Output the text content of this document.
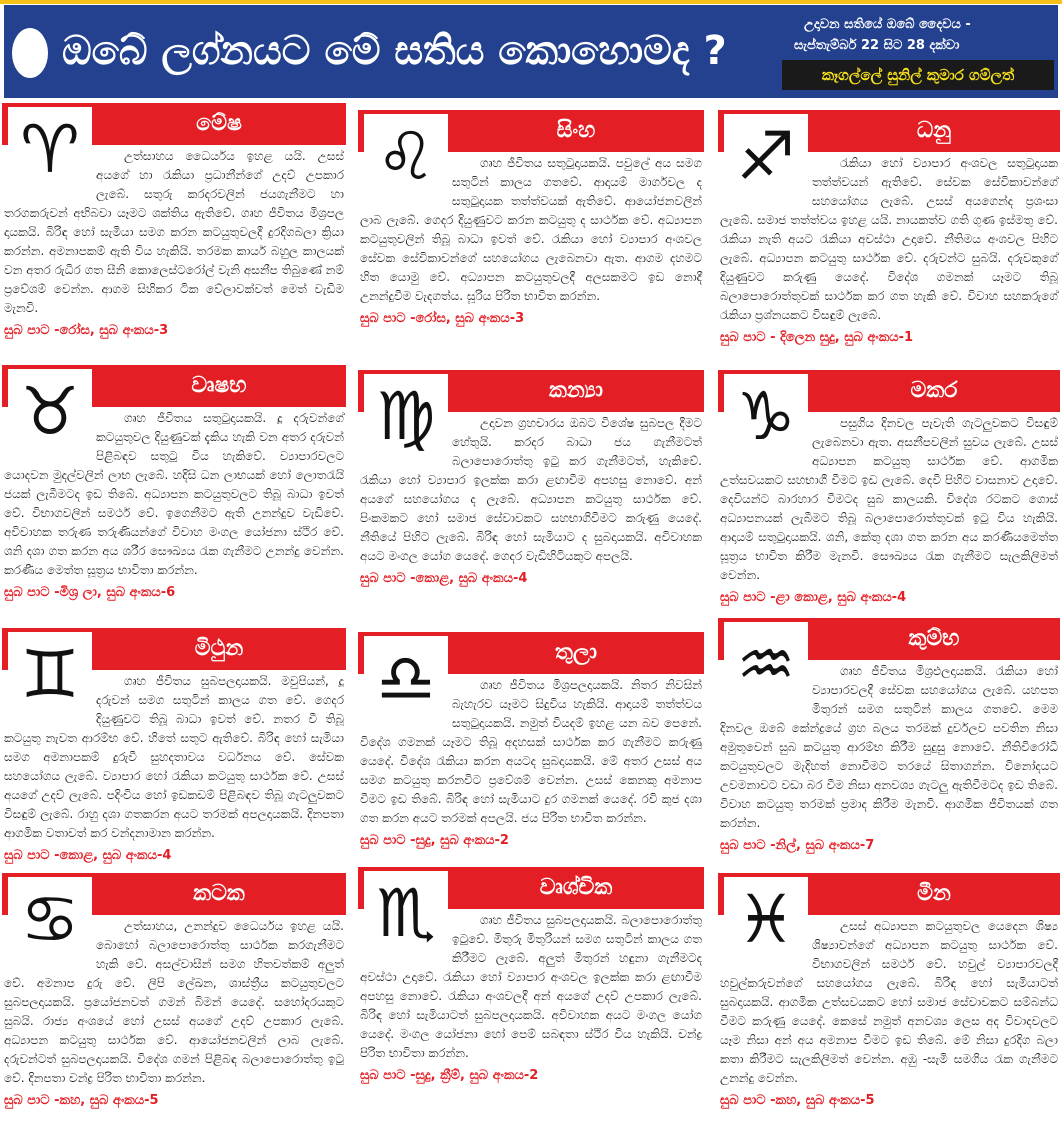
ඔබේ ලග්නයට මේ සතිය කොහොමද ?
උදාවන සතියේ ඔබේ දෛවය -
සැප්තැම්බර් 22 සිට 28 දක්වා
කෑගල්ලේ සුනිල් කුමාර ගම්ලත්
♈	මේෂ

උත්සාහය ධෛර්යය ඉහළ යයි. උසස් අයගේ හා රැකියා ප්‍රධානීන්ගේ උදව් උපකාර ලැබේ. සතුරු කරදරවලින් ජයගැනීමට හා තරගකරුවන් අභිබවා යෑමට ශක්තිය ඇතිවේ. ගෘහ ජීවිතය මිශ්‍රපල දායකයි. බිරිඳ හෝ සැමියා සමග කරන කටයුතුවලදී දුරදිගබලා ක්‍රියා කරන්න. අමනාපකම් ඇති විය හැකියි. තරමක කාර්ය බහුල කාලයක් වන අතර රුධිර ගත සීනි කොලෙස්ටරෝල් වැනි අසනීප තිබුණේ නම් ප්‍රවේශම් වෙන්න. ආගම සිහිකර ටික වේලාවක්වත් මෙත් වැඩීම මැනවි.

සුබ පාට -රෝස, සුබ අංකය-3
♉	වෘෂභ

ගෘහ ජීවිතය සතුටුදායකයි. දූ දරුවන්ගේ කටයුතුවල දියුණුවක් දැකිය හැකි වන අතර දරුවන් පිළිබඳව සතුටු විය හැකිවේ. ව්‍යාපාරවලට යොදවන මුදල්වලින් ලාභ ලැබේ. හදිසි ධන ලාභයක් හෝ ලොතරැයි ජයක් ලැබීමටද ඉඩ තිබේ. අධ්‍යාපන කටයුතුවලට තිබූ බාධා ඉවත් වේ. විභාගවලින් සමර්ථ වේ. ඉගෙනීමට ඇති උනන්දුව වැඩිවේ. අවිවාහක තරුණ තරුණියන්ගේ විවාහ මංගල යෝජනා ස්ථිර වේ. ශනි දශා ගත කරන අය ශරීර සෞඛ්‍යය රැක ගැනීමට උනන්දු වෙන්න. කරණීය මෙත්ත සූත්‍රය භාවිතා කරන්න.

සුබ පාට -මිශ්‍ර ලා, සුබ අංකය-6
♊	මිථුන

ගෘහ ජීවිතය සුබපලදායකයි. මවුපියන්, දූ දරුවන් සමග සතුටින් කාලය ගත වේ. ගෙදර දියුණුවට තිබූ බාධා ඉවත් වේ. නතර වී තිබූ කටයුතු නැවත ආරම්භ වේ. හිතේ සතුට ඇතිවේ. බිරිඳ හෝ සැමියා සමග අමනාපකම් දුරුවී සුහදතාවය වර්ධනය වේ. සේවක සහයෝගය ලැබේ. ව්‍යාපාර හෝ රැකියා කටයුතු සාර්ථක වේ. උසස් අයගේ උදව් ලැබේ. පදිංචිය හෝ ඉඩකඩම් පිළිබඳව තිබූ ගැටලුවකට විසඳුම් ලැබේ. රාහු දශා ගතකරන අයට තරමක් අපලදායකයි. දිනපතා ආගමික වතාවත් කර වන්දනාමාන කරන්න.

සුබ පාට -කොළ, සුබ අංකය-4
♋	කටක

උත්සාහය, උනන්දුව ධෛර්යය ඉහළ යයි. බොහෝ බලාපොරොත්තු සාර්ථක කරගැනීමට හැකි වේ. අසල්වාසීන් සමග හිතවත්කම් අලුත් වේ. අමනාප දුරු වේ. ලිපි ලේඛන, ශාස්ත්‍රීය කටයුතුවලට සුබපලදායකයි. ප්‍රයෝජනවත් ගමන් බිමන් යෙදේ. සහෝදරයකුට සුබයි. රාජ්‍ය අංශයේ හෝ උසස් අයගේ උදව් උපකාර ලැබේ. අධ්‍යාපන කටයුතු සාර්ථක වේ. ආයෝජනවලින් ලාබ ලැබේ. දරුවන්ටත් සුබපලදායකයි. විදේශ ගමන් පිළිබඳ බලාපොරොත්තු ඉටු වේ. දිනපතා චන්ද්‍ර පිරිත භාවිතා කරන්න.

සුබ පාට -කහ, සුබ අංකය-5
♌	සිංහ

ගෘහ ජීවිතය සතුටුදායකයි. පවුලේ අය සමග සතුටින් කාලය ගතවේ. ආදායම් මාර්ගවල ද සතුටුදායක තත්ත්වයක් ඇතිවේ. ආයෝජනවලින් ලාබ ලැබේ. ගෙදර දියුණුවට කරන කටයුතු ද සාර්ථක වේ. අධ්‍යාපන කටයුතුවලින් තිබූ බාධා ඉවත් වේ. රැකියා හෝ ව්‍යාපාර අංශවල සේවක සේවිකාවන්ගේ සහයෝගය ලැබෙනවා ඇත. ආගම දහමට හිත යොමු වේ. අධ්‍යාපන කටයුතුවලදී අලසකමට ඉඩ නොදී උනන්දුවීම වැදගත්ය. සූරිය පිරිත භාවිත කරන්න.

සුබ පාට -රෝස, සුබ අංකය-3
♍	කන්‍යා

උදාවන ග්‍රහචාරය ඔබට විශේෂ සුබපල දීමට හේතුයි. කරදර බාධා ජය ගැනීමටත් බලාපොරොත්තු ඉටු කර ගැනීමටත්, හැකිවේ. රැකියා හෝ ව්‍යාපාර ඉලක්ක කරා ළඟාවීම අපහසු නොවේ. අන් අයගේ සහයෝගය ද ලැබේ. අධ්‍යාපන කටයුතු සාර්ථක වේ. පිංකමකට හෝ සමාජ සේවාවකට සහභාගිවීමට කරුණු යෙදේ. නීතියේ පිහිට ලැබේ. බිරිඳ හෝ සැමියාට ද සුබදායකයි. අවිවාහක අයට මංගල යෝග යෙදේ. ගෙදර වැඩිහිටියකුට අපලයි.

සුබ පාට -කොළ, සුබ අංකය-4
♎	තුලා

ගෘහ ජීවිතය මිශ්‍රපලදායකයි. නිතර නිවසින් බැහැරව යෑමට සිදුවිය හැකියි. ආදායම් තත්ත්වය සතුටුදායකයි. නමුත් වියදම් ඉහළ යන බව පෙනේ. විදේශ ගමනක් යෑමට තිබූ අදහසක් සාර්ථක කර ගැනීමට කරුණු යෙදේ. විදේශ රැකියා කරන අයටද සුබදායකයි. මේ අතර උසස් අය සමග කටයුතු කරනවිට ප්‍රවේශම් වෙන්න. උසස් කෙනකු අමනාප වීමට ඉඩ තිබේ. බිරිඳ හෝ සැමියාට දුර ගමනක් යෙදේ. රවි කුජ දශා ගත කරන අයට තරමක් අපලයි. ජය පිරිත භාවිත කරන්න.

සුබ පාට -සුදු, සුබ අංකය-2
♏	වෘශ්චික

ගෘහ ජීවිතය සුබපලදායකයි. බලාපොරොත්තු ඉටුවේ. මිතුරු මිතුරියන් සමග සතුටින් කාලය ගත කිරීමට ලැබේ. අලුත් මිතුරන් හඳුනා ගැනීමටද අවස්ථා උදාවේ. රැකියා හෝ ව්‍යාපාර අංශවල ඉලක්ක කරා ළඟාවීම අපහසු නොවේ. රැකියා අංශවලදී අන් අයගේ උදව් උපකාර ලැබේ. බිරිඳ හෝ සැමියාටත් සුබපලදායකයි. අවිවාහක අයට මංගල යෝග යෙදේ. මංගල යෝජනා හෝ පෙම් සබඳතා ස්ථිර විය හැකියි. චන්ද්‍ර පිරිත භාවිතා කරන්න.

සුබ පාට -සුදු, ක්‍රීම්, සුබ අංකය-2
♐	ධනු

රැකියා හෝ ව්‍යාපාර අංශවල සතුටුදායක තත්ත්වයන් ඇතිවේ. සේවක සේවිකාවන්ගේ සහයෝගය ලැබේ. උසස් අයගෙන්ද ප්‍රශංසා ලැබේ. සමාජ තත්ත්වය ඉහළ යයි. නායකත්ව ගති ගුණ ඉස්මතු වේ. රැකියා නැති අයට රැකියා අවස්ථා උදාවේ. නීතිමය අංශවල පිහිට ලැබේ. අධ්‍යාපන කටයුතු සාර්ථක වේ. දරුවන්ට සුබයි. දරුවකුගේ දියුණුවට කරුණු යෙදේ. විදේශ ගමනක් යෑමට තිබූ බලාපොරොත්තුවක් සාර්ථක කර ගත හැකි වේ. විවාහ සහකරුගේ රැකියා ප්‍රශ්නයකට විසඳුම් ලැබේ.

සුබ පාට - දිලෙන සුදු, සුබ අංකය-1
♑	මකර

පසුගිය දිනවල පැවැති ගැටලුවකට විසඳුම් ලැබෙනවා ඇත. අසනීපවලින් සුවය ලැබේ. උසස් අධ්‍යාපන කටයුතු සාර්ථක වේ. ආගමික උත්සවයකට සහභාගී වීමට ඉඩ ලැබේ. දෙවි පිහිට වාසනාව උදාවේ. දෙවියන්ට බාරහාර වීමටද සුබ කාලයකි. විදේශ රටකට ගොස් අධ්‍යාපනයක් ලැබීමට තිබූ බලාපොරොත්තුවක් ඉටු විය හැකියි. ආදායම් සතුටුදායකයි. ශනි, කේතු දශා ගත කරන අය කරණීයමෙත්ත සූත්‍රය භාවිත කිරීම මැනවි. සෞඛ්‍යය රැක ගැනීමට සැලකිලිමත් වෙන්න.

සුබ පාට -ළා කොළ, සුබ අංකය-4
♒	කුම්භ

ගෘහ ජීවිතය මිශ්‍රඵලදායකයි. රැකියා හෝ ව්‍යාපාරවලදී සේවක සහයෝගය ලැබේ. යහපත මිතුරන් සමග සතුටින් කාලය ගතවේ. මෙම දිනවල ඔබේ කේන්ද්‍රයේ ග්‍රහ බලය තරමක් දුර්වලව පවතින නිසා අමුතුවෙන් සුබ කටයුතු ආරම්භ කිරීම සුදුසු නොවේ. නීතිවිරෝධී කටයුතුවලට මැදිහත් නොවීමට තරයේ සිතාගන්න. විනෝදයට උවමනාවට වඩා බර වීම නිසා අනවශ්‍ය ගැටලු ඇතිවීමටද ඉඩ තිබේ. විවාහ කටයුතු තරමක් ප්‍රමාද කිරීම මැනවි. ආගමික ජීවිතයක් ගත කරන්න.

සුබ පාට -නිල්, සුබ අංකය-7
♓	මීන

උසස් අධ්‍යාපන කටයුතුවල යෙදෙන ශිෂ්‍ය ශිෂ්‍යාවන්ගේ අධ්‍යාපන කටයුතු සාර්ථක වේ. විභාගවලින් සමර්ථ වේ. හවුල් ව්‍යාපාරවලදී හවුල්කරුවන්ගේ සහයෝගය ලැබේ. බිරිඳ හෝ සැමියාටත් සුබදායකයි. ආගමික උත්සවයකට හෝ සමාජ සේවාවකට සම්බන්ධ වීමට කරුණු යෙදේ. කෙසේ නමුත් අනවශ්‍ය ලෙස අද විවාදවලට යෑම නිසා අන් අය අමනාප වීමට ඉඩ තිබේ. මේ නිසා දුරදිග බලා කතා කිරීමට සැලකිලිමත් වෙන්න. අඹු -සැමි සමගිය රැක ගැනීමට උනන්දු වෙන්න.

සුබ පාට -කහ, සුබ අංකය-5
